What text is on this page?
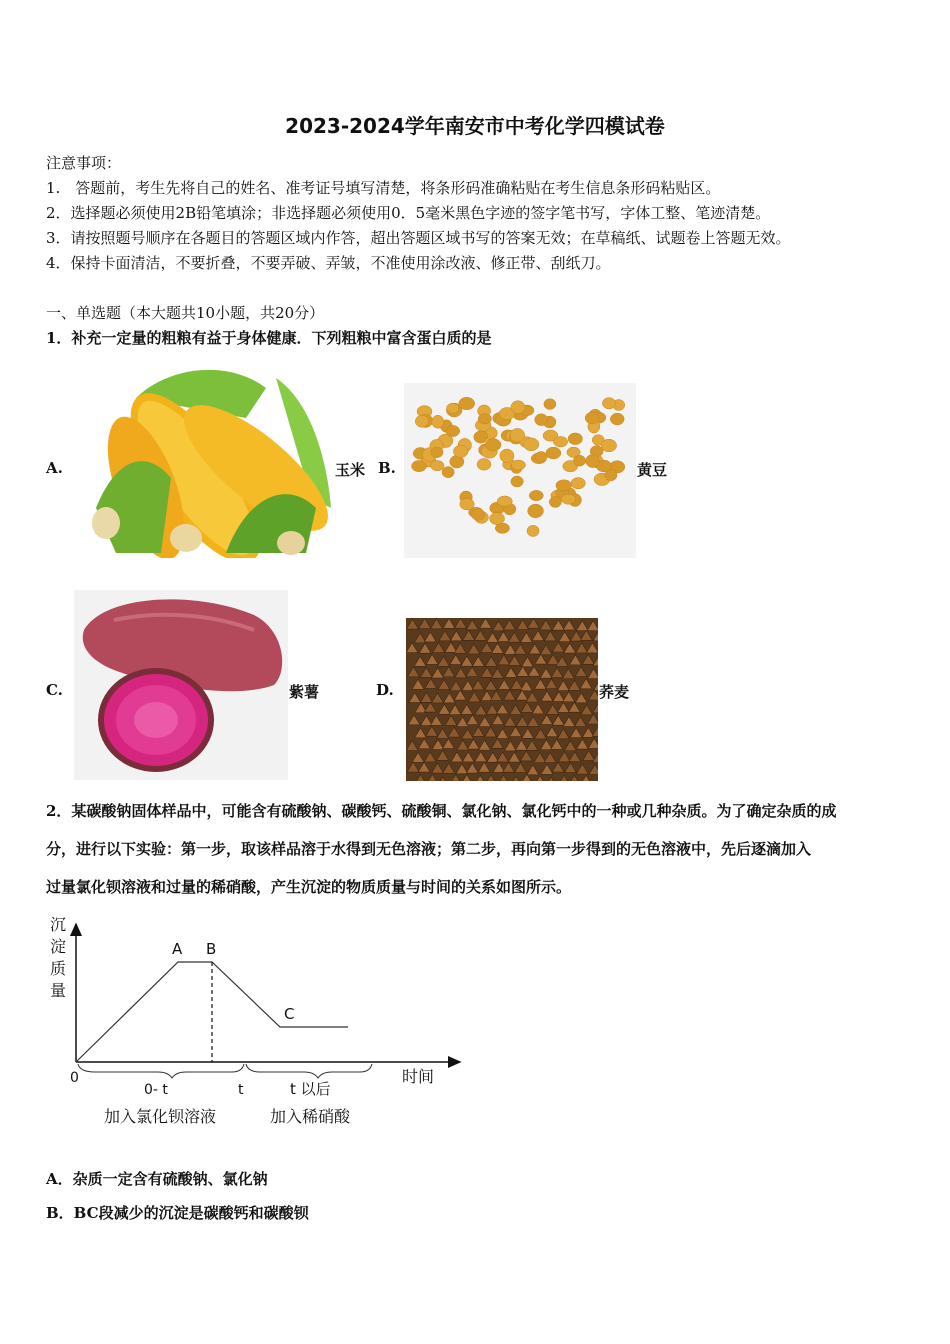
2023-2024学年南安市中考化学四模试卷
注意事项：
1.　答题前，考生先将自己的姓名、准考证号填写清楚，将条形码准确粘贴在考生信息条形码粘贴区。
2．选择题必须使用2B铅笔填涂；非选择题必须使用0．5毫米黑色字迹的签字笔书写，字体工整、笔迹清楚。
3．请按照题号顺序在各题目的答题区域内作答，超出答题区域书写的答案无效；在草稿纸、试题卷上答题无效。
4．保持卡面清洁，不要折叠，不要弄破、弄皱，不准使用涂改液、修正带、刮纸刀。
一、单选题（本大题共10小题，共20分）
1．补充一定量的粗粮有益于身体健康．下列粗粮中富含蛋白质的是
A.	玉米 B.	黄豆
C.	紫薯	D.	荞麦
2．某碳酸钠固体样品中，可能含有硫酸钠、碳酸钙、硫酸铜、氯化钠、氯化钙中的一种或几种杂质。为了确定杂质的成
分，进行以下实验：第一步，取该样品溶于水得到无色溶液；第二步，再向第一步得到的无色溶液中，先后逐滴加入
过量氯化钡溶液和过量的稀硝酸，产生沉淀的物质质量与时间的关系如图所示。
沉
淀
质
量
时间
0
A B
C
0- t	t	t 以后
加入氯化钡溶液	加入稀硝酸
A．杂质一定含有硫酸钠、氯化钠
B．BC段减少的沉淀是碳酸钙和碳酸钡
